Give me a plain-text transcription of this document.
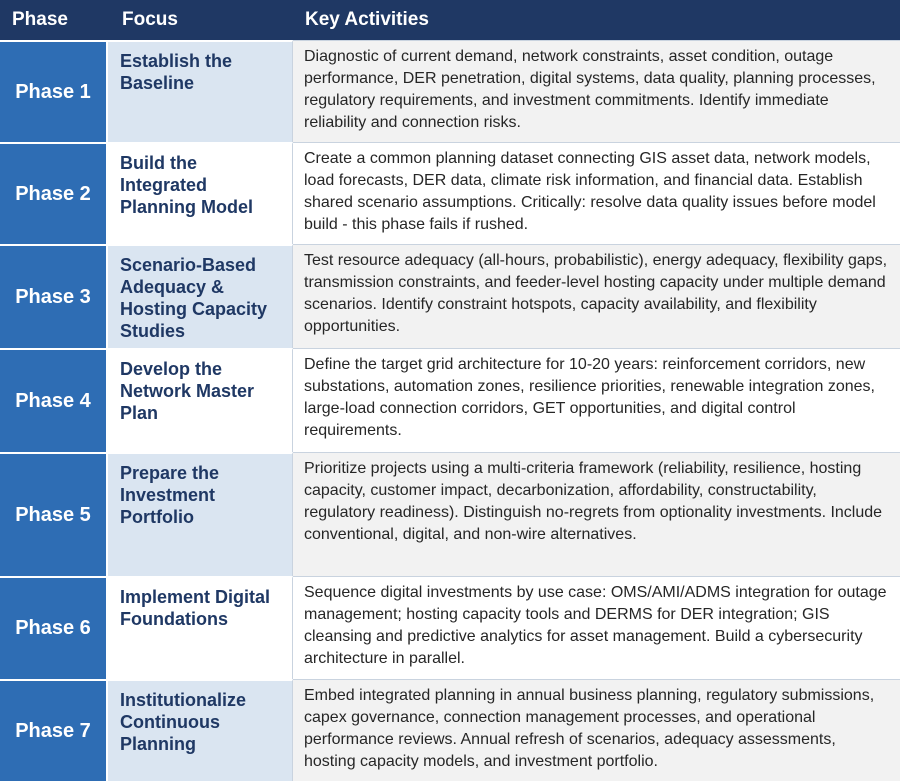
Phase	Focus	Key Activities
Phase 1
Establish the Baseline
Diagnostic of current demand, network constraints, asset condition, outage performance, DER penetration, digital systems, data quality, planning processes, regulatory requirements, and investment commitments. Identify immediate reliability and connection risks.
Phase 2
Build the Integrated Planning Model
Create a common planning dataset connecting GIS asset data, network models, load forecasts, DER data, climate risk information, and financial data. Establish shared scenario assumptions. Critically: resolve data quality issues before model build - this phase fails if rushed.
Phase 3
Scenario-Based Adequacy & Hosting Capacity Studies
Test resource adequacy (all-hours, probabilistic), energy adequacy, flexibility gaps, transmission constraints, and feeder-level hosting capacity under multiple demand scenarios. Identify constraint hotspots, capacity availability, and flexibility opportunities.
Phase 4
Develop the Network Master Plan
Define the target grid architecture for 10-20 years: reinforcement corridors, new substations, automation zones, resilience priorities, renewable integration zones, large-load connection corridors, GET opportunities, and digital control requirements.
Phase 5
Prepare the Investment Portfolio
Prioritize projects using a multi-criteria framework (reliability, resilience, hosting capacity, customer impact, decarbonization, affordability, constructability, regulatory readiness). Distinguish no-regrets from optionality investments. Include conventional, digital, and non-wire alternatives.
Phase 6
Implement Digital Foundations
Sequence digital investments by use case: OMS/AMI/ADMS integration for outage management; hosting capacity tools and DERMS for DER integration; GIS cleansing and predictive analytics for asset management. Build a cybersecurity architecture in parallel.
Phase 7
Institutionalize Continuous Planning
Embed integrated planning in annual business planning, regulatory submissions, capex governance, connection management processes, and operational performance reviews. Annual refresh of scenarios, adequacy assessments, hosting capacity models, and investment portfolio.
